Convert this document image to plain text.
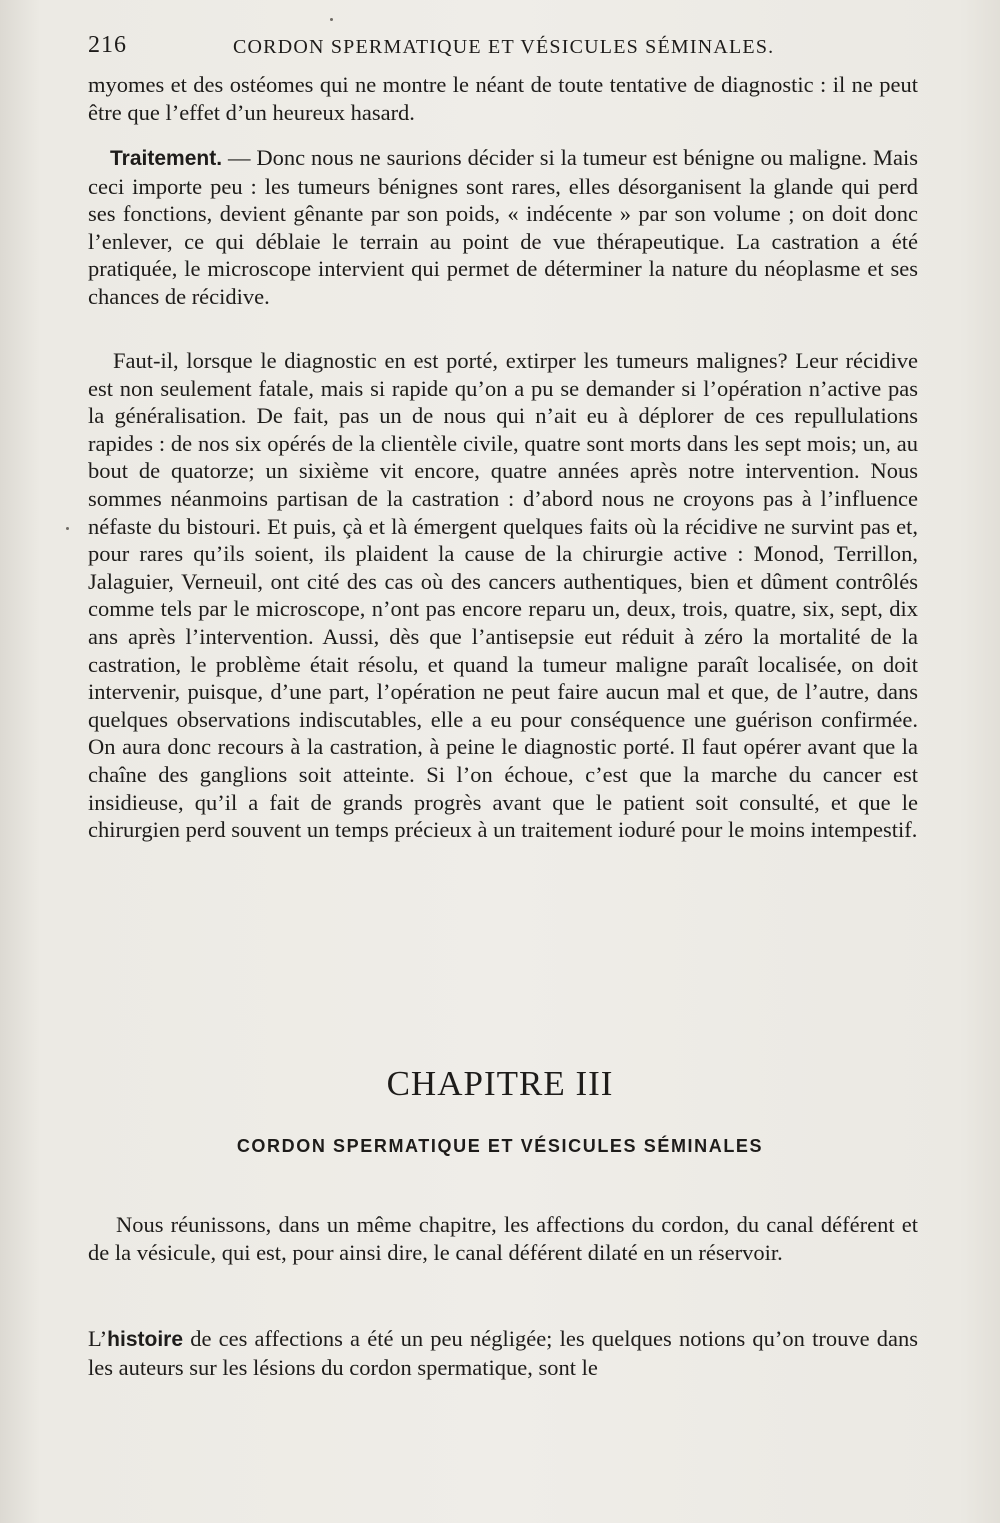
216	CORDON SPERMATIQUE ET VÉSICULES SÉMINALES.

myomes et des ostéomes qui ne montre le néant de toute tentative de diagnostic : il ne peut être que l’effet d’un heureux hasard.

Traitement. — Donc nous ne saurions décider si la tumeur est bénigne ou maligne. Mais ceci importe peu : les tumeurs bénignes sont rares, elles désorganisent la glande qui perd ses fonctions, devient gênante par son poids, « indécente » par son volume ; on doit donc l’enlever, ce qui déblaie le terrain au point de vue thérapeutique. La castration a été pratiquée, le microscope intervient qui permet de déterminer la nature du néoplasme et ses chances de récidive.

Faut-il, lorsque le diagnostic en est porté, extirper les tumeurs malignes? Leur récidive est non seulement fatale, mais si rapide qu’on a pu se demander si l’opération n’active pas la généralisation. De fait, pas un de nous qui n’ait eu à déplorer de ces repullulations rapides : de nos six opérés de la clientèle civile, quatre sont morts dans les sept mois; un, au bout de quatorze; un sixième vit encore, quatre années après notre intervention. Nous sommes néanmoins partisan de la castration : d’abord nous ne croyons pas à l’influence néfaste du bistouri. Et puis, çà et là émergent quelques faits où la récidive ne survint pas et, pour rares qu’ils soient, ils plaident la cause de la chirurgie active : Monod, Terrillon, Jalaguier, Verneuil, ont cité des cas où des cancers authentiques, bien et dûment contrôlés comme tels par le microscope, n’ont pas encore reparu un, deux, trois, quatre, six, sept, dix ans après l’intervention. Aussi, dès que l’antisepsie eut réduit à zéro la mortalité de la castration, le problème était résolu, et quand la tumeur maligne paraît localisée, on doit intervenir, puisque, d’une part, l’opération ne peut faire aucun mal et que, de l’autre, dans quelques observations indiscutables, elle a eu pour conséquence une guérison confirmée. On aura donc recours à la castration, à peine le diagnostic porté. Il faut opérer avant que la chaîne des ganglions soit atteinte. Si l’on échoue, c’est que la marche du cancer est insidieuse, qu’il a fait de grands progrès avant que le patient soit consulté, et que le chirurgien perd souvent un temps précieux à un traitement ioduré pour le moins intempestif.

CHAPITRE III
CORDON SPERMATIQUE ET VÉSICULES SÉMINALES

Nous réunissons, dans un même chapitre, les affections du cordon, du canal déférent et de la vésicule, qui est, pour ainsi dire, le canal déférent dilaté en un réservoir.

L’histoire de ces affections a été un peu négligée; les quelques notions qu’on trouve dans les auteurs sur les lésions du cordon spermatique, sont le
